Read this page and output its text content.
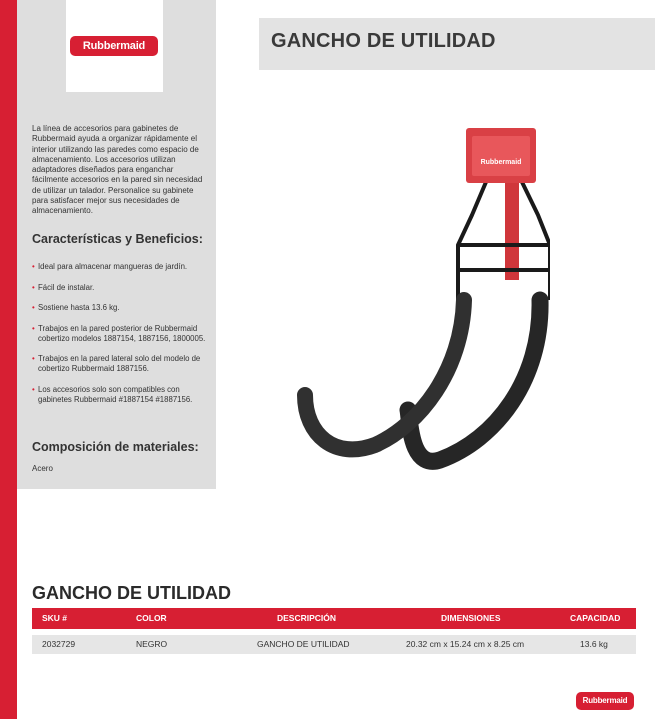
Rubbermaid

La línea de accesorios para gabinetes de Rubbermaid ayuda a organizar rápidamente el interior utilizando las paredes como espacio de almacenamiento. Los accesorios utilizan adaptadores diseñados para enganchar fácilmente accesorios en la pared sin necesidad de utilizar un talador. Personalice su gabinete para satisfacer mejor sus necesidades de almacenamiento.

Características y Beneficios:
• Ideal para almacenar mangueras de jardín.
• Fácil de instalar.
• Sostiene hasta 13.6 kg.
• Trabajos en la pared posterior de Rubbermaid cobertizo modelos 1887154, 1887156, 1800005.
• Trabajos en la pared lateral solo del modelo de cobertizo Rubbermaid 1887156.
• Los accesorios solo son compatibles con gabinetes Rubbermaid #1887154 #1887156.
Composición de materiales:

Acero

GANCHO DE UTILIDAD
Rubbermaid
GANCHO DE UTILIDAD
SKU #	COLOR	DESCRIPCIÓN	DIMENSIONES	CAPACIDAD
2032729	NEGRO	GANCHO DE UTILIDAD	20.32 cm x 15.24 cm x 8.25 cm	13.6 kg
Rubbermaid
